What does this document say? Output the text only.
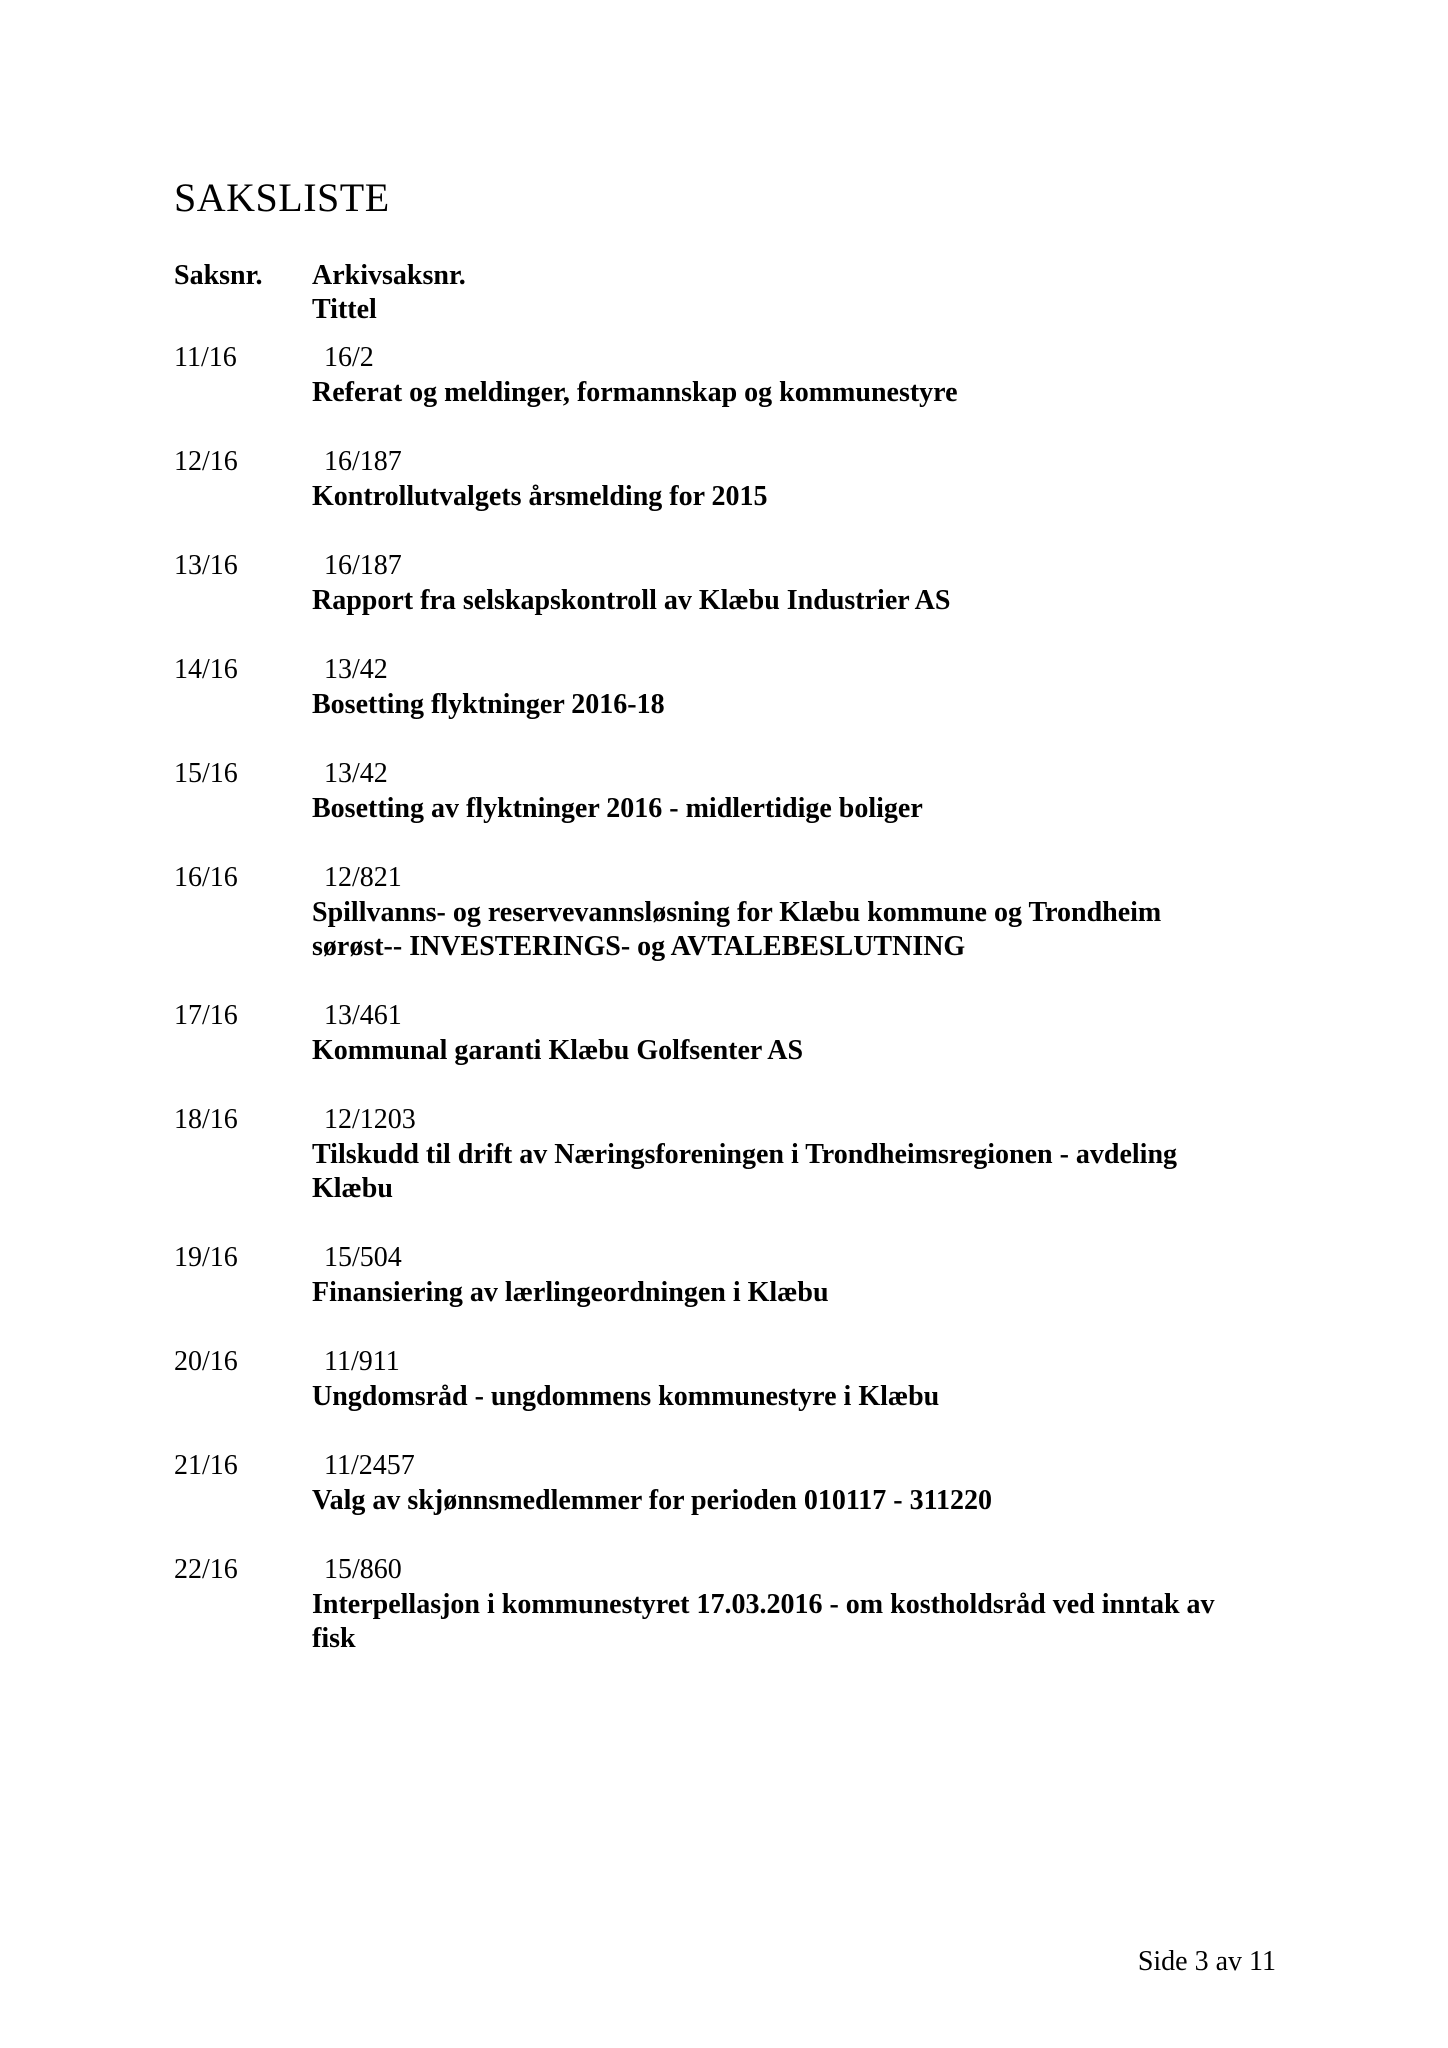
SAKSLISTE
Saksnr. Arkivsaksnr.
Tittel
11/16	16/2
Referat og meldinger, formannskap og kommunestyre
12/16	16/187
Kontrollutvalgets årsmelding for 2015
13/16	16/187
Rapport fra selskapskontroll av Klæbu Industrier AS
14/16	13/42
Bosetting flyktninger 2016-18
15/16	13/42
Bosetting av flyktninger 2016 - midlertidige boliger
16/16	12/821
Spillvanns- og reservevannsløsning for Klæbu kommune og Trondheim
sørøst-- INVESTERINGS- og AVTALEBESLUTNING
17/16	13/461
Kommunal garanti Klæbu Golfsenter AS
18/16	12/1203
Tilskudd til drift av Næringsforeningen i Trondheimsregionen - avdeling
Klæbu
19/16	15/504
Finansiering av lærlingeordningen i Klæbu
20/16	11/911
Ungdomsråd - ungdommens kommunestyre i Klæbu
21/16	11/2457
Valg av skjønnsmedlemmer for perioden 010117 - 311220
22/16	15/860
Interpellasjon i kommunestyret 17.03.2016 - om kostholdsråd ved inntak av
fisk
Side 3 av 11
